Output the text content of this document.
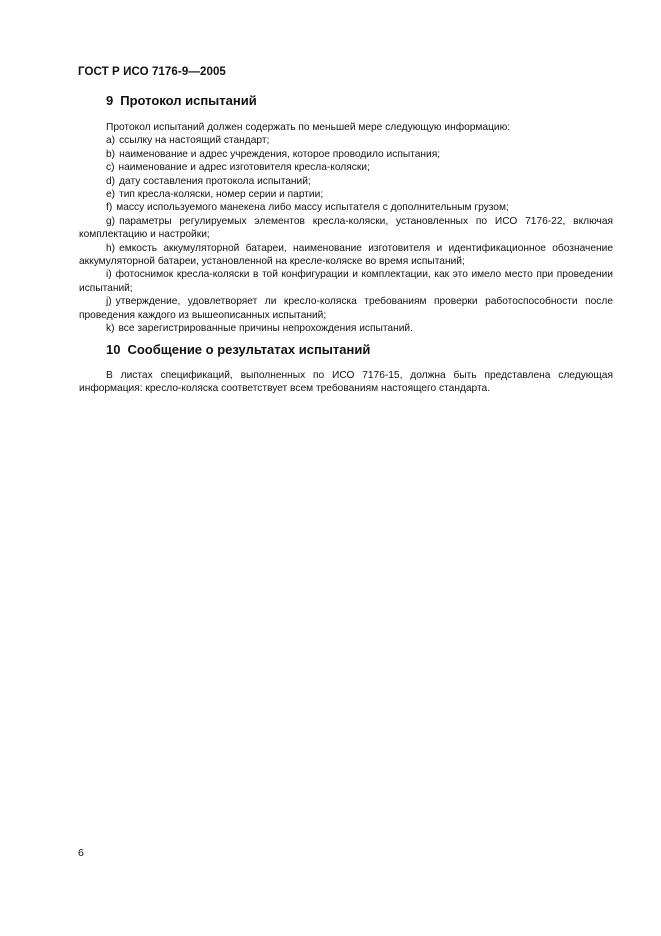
ГОСТ Р ИСО 7176-9—2005
9 Протокол испытаний
Протокол испытаний должен содержать по меньшей мере следующую информацию:
a) ссылку на настоящий стандарт;
b) наименование и адрес учреждения, которое проводило испытания;
c) наименование и адрес изготовителя кресла-коляски;
d) дату составления протокола испытаний;
e) тип кресла-коляски, номер серии и партии;
f) массу используемого манекена либо массу испытателя с дополнительным грузом;
g) параметры регулируемых элементов кресла-коляски, установленных по ИСО 7176-22, включая комплектацию и настройки;
h) емкость аккумуляторной батареи, наименование изготовителя и идентификационное обозначение аккумуляторной батареи, установленной на кресле-коляске во время испытаний;
i) фотоснимок кресла-коляски в той конфигурации и комплектации, как это имело место при проведении испытаний;
j) утверждение, удовлетворяет ли кресло-коляска требованиям проверки работоспособности после проведения каждого из вышеописанных испытаний;
k) все зарегистрированные причины непрохождения испытаний.
10 Сообщение о результатах испытаний
В листах спецификаций, выполненных по ИСО 7176-15, должна быть представлена следующая информация: кресло-коляска соответствует всем требованиям настоящего стандарта.
6
